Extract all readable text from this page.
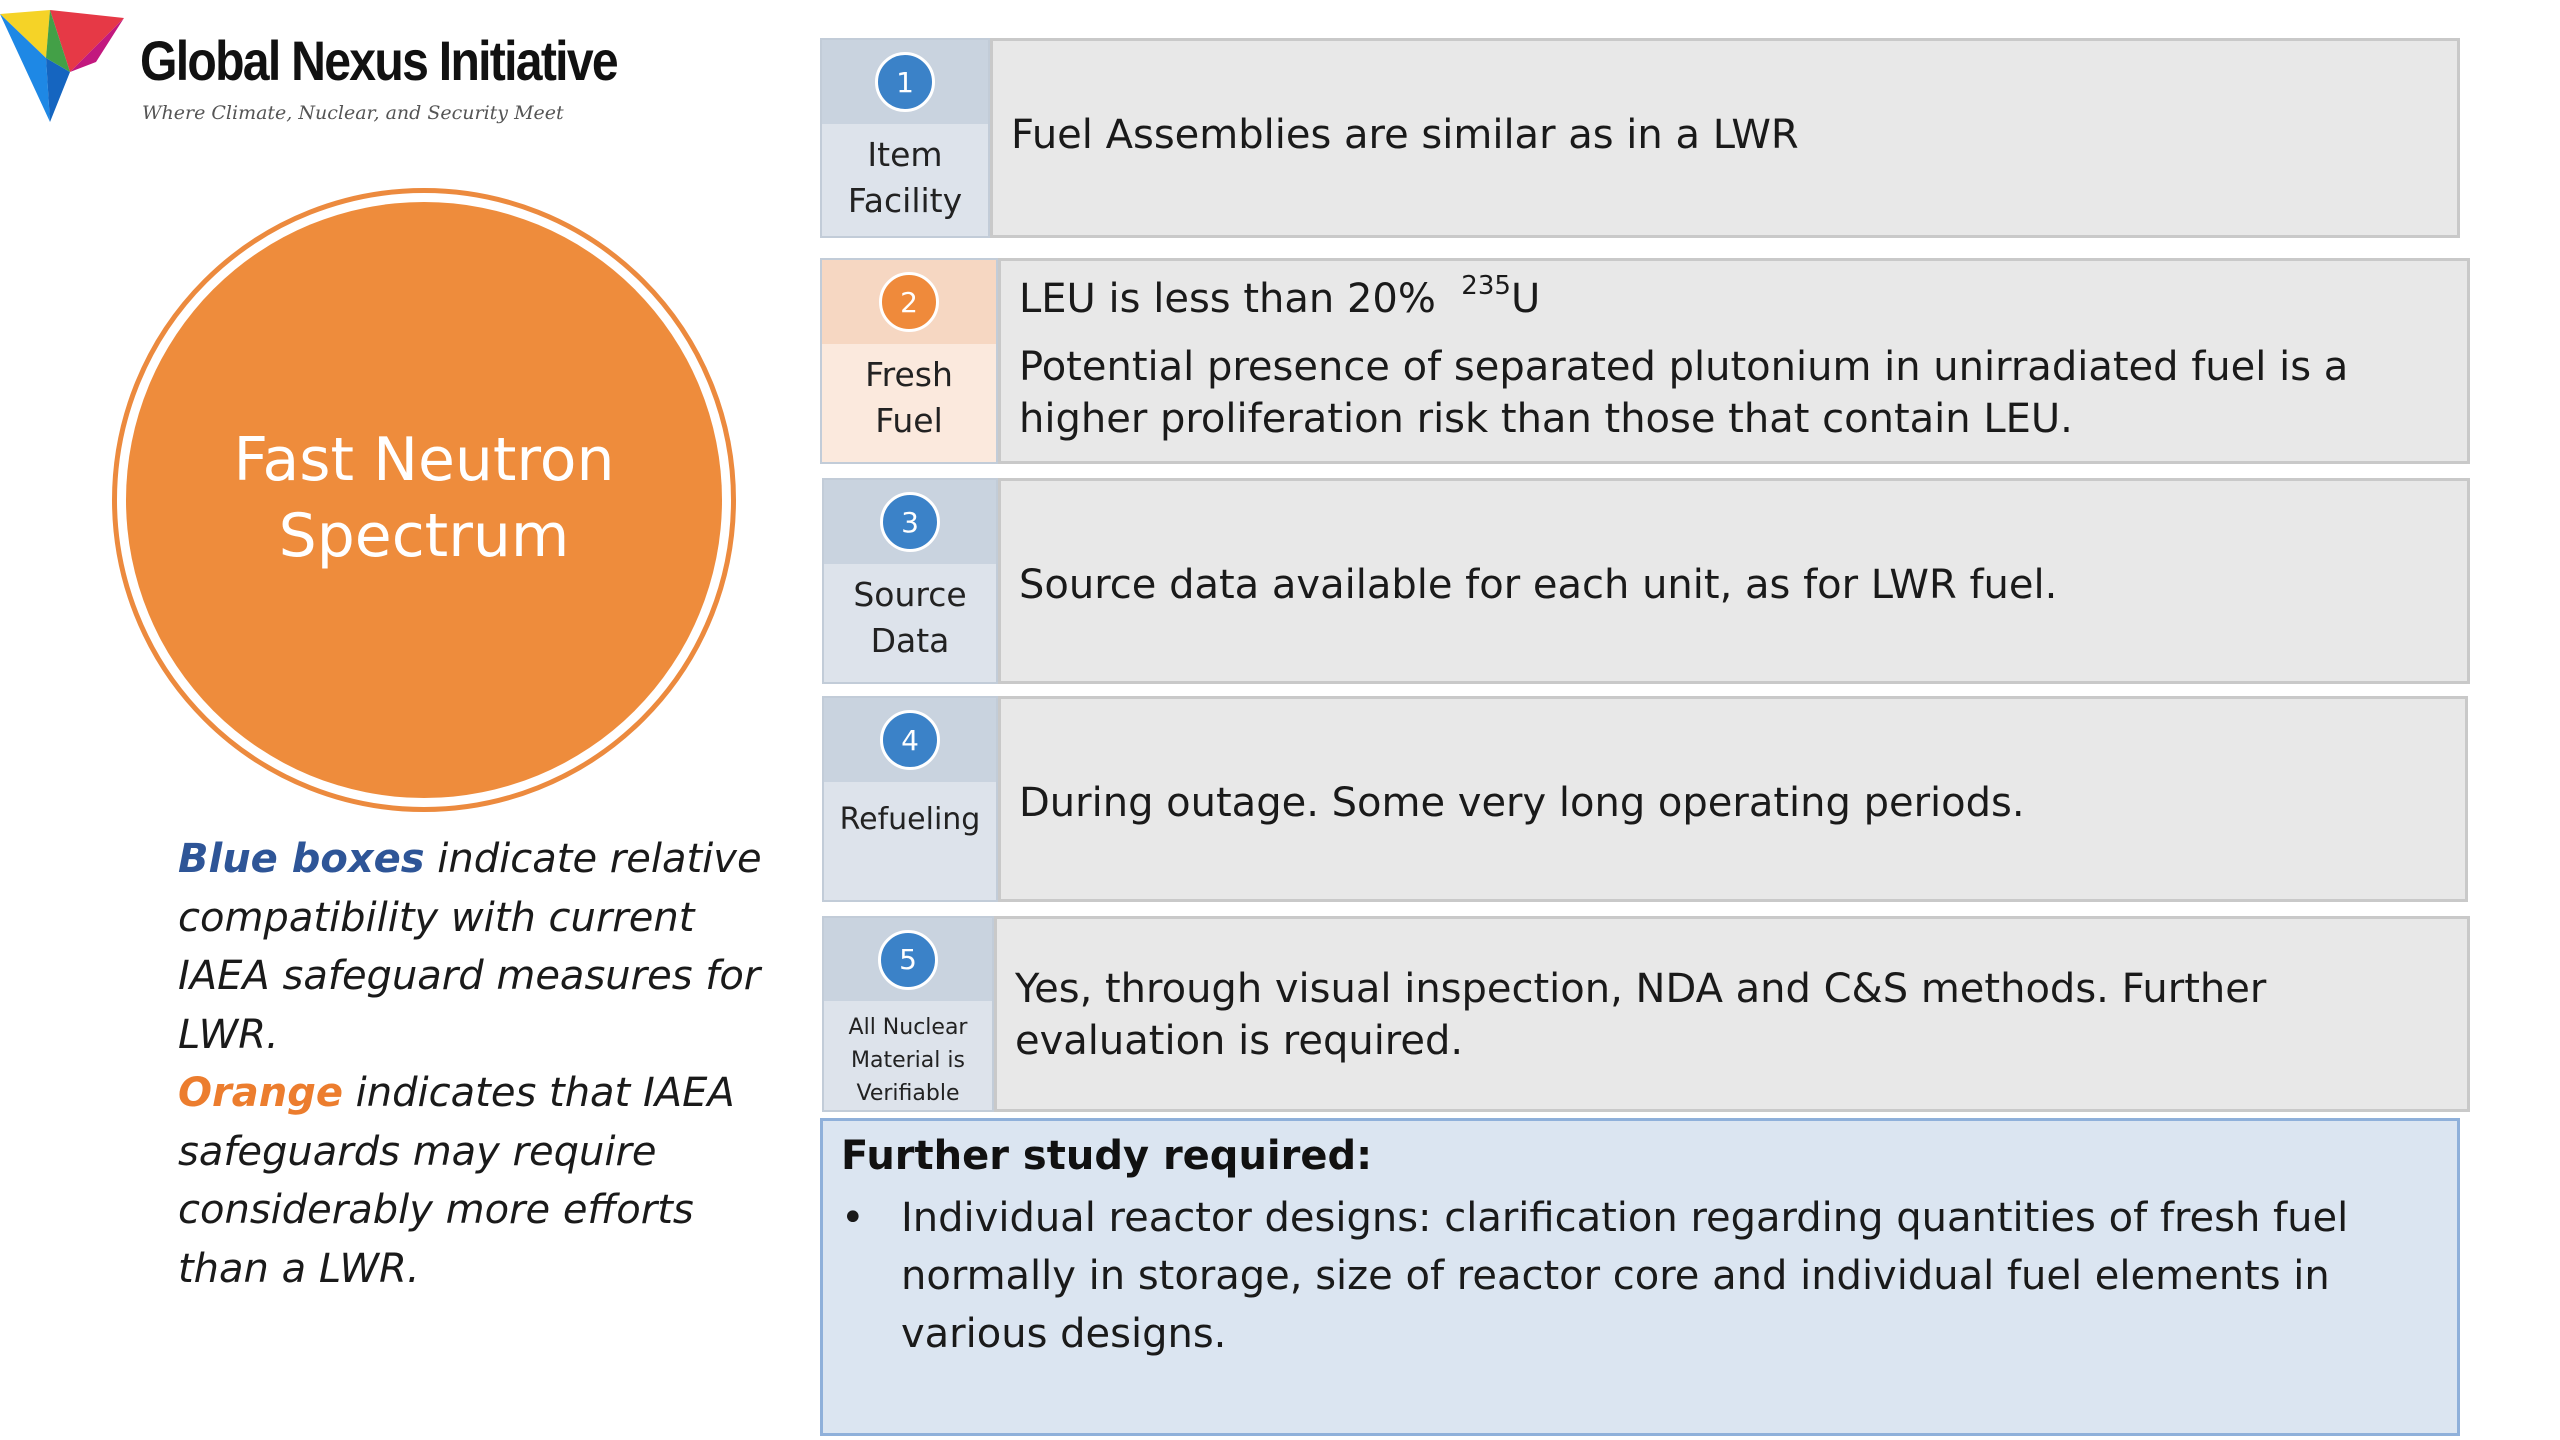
Global Nexus Initiative
Where Climate, Nuclear, and Security Meet
Fast Neutron
Spectrum
Blue boxes indicate relative compatibility with current IAEA safeguard measures for LWR.
Orange indicates that IAEA safeguards may require considerably more efforts than a LWR.
1
Item
Facility
Fuel Assemblies are similar as in a LWR
2
Fresh
Fuel
LEU is less than 20% $^{235}$U
Potential presence of separated plutonium in unirradiated fuel is a higher proliferation risk than those that contain LEU.
3
Source
Data
Source data available for each unit, as for LWR fuel.
4
Refueling During outage. Some very long operating periods.
5
All Nuclear
Material is
Verifiable
Yes, through visual inspection, NDA and C&S methods. Further evaluation is required.
Further study required:
• Individual reactor designs: clarification regarding quantities of fresh fuel normally in storage, size of reactor core and individual fuel elements in various designs.
